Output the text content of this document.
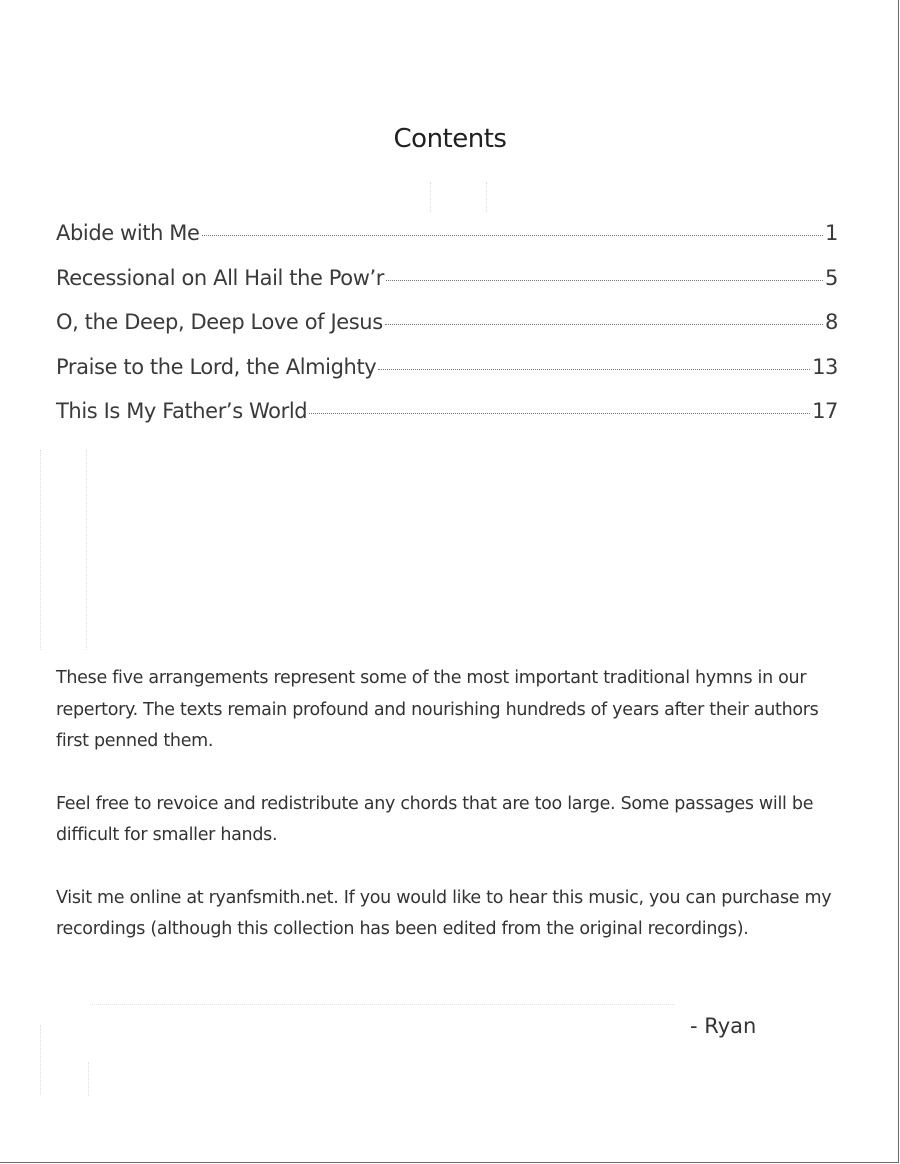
Contents
Abide with Me	1
Recessional on All Hail the Pow’r	5
O, the Deep, Deep Love of Jesus	8
Praise to the Lord, the Almighty	13
This Is My Father’s World	17

These five arrangements represent some of the most important traditional hymns in our repertory. The texts remain profound and nourishing hundreds of years after their authors first penned them.

Feel free to revoice and redistribute any chords that are too large. Some passages will be difficult for smaller hands.

Visit me online at ryanfsmith.net. If you would like to hear this music, you can purchase my recordings (although this collection has been edited from the original recordings).

- Ryan
